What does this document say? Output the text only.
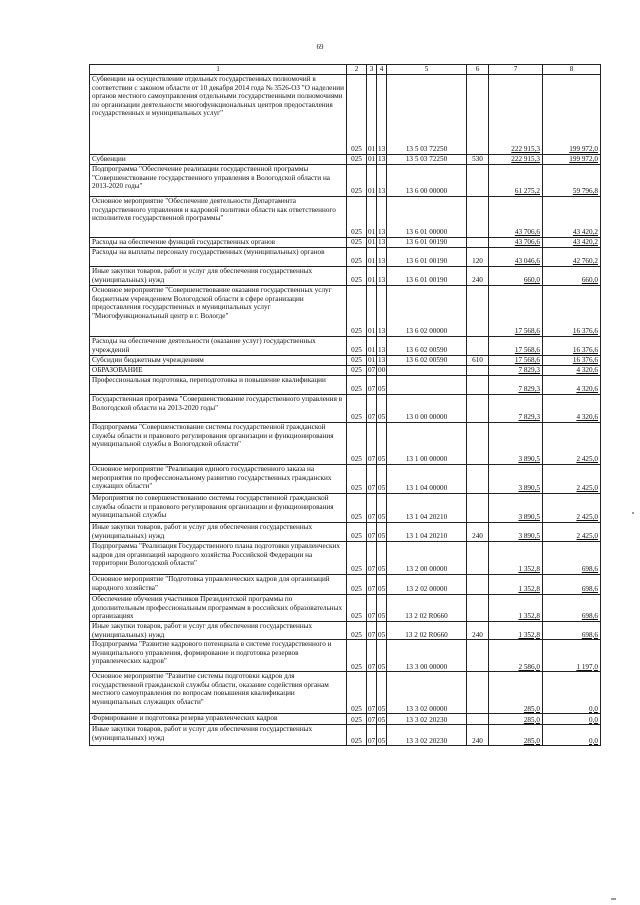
69
1	2	3	4	5	6	7	8
Субвенции на осуществление отдельных государственных полномочий в соответствии с законом области от 10 декабря 2014 года № 3526-ОЗ "О наделении органов местного самоуправления отдельными государственными полномочиями по организации деятельности многофункциональных центров предоставления государственных и муниципальных услуг"	025	01	13	13 5 03 72250		222 915,3	199 972,0
Субвенции	025	01	13	13 5 03 72250	530	222 915,3	199 972,0
Подпрограмма "Обеспечение реализации государственной программы "Совершенствование государственного управления в Вологодской области на 2013-2020 годы"	025	01	13	13 6 00 00000		61 275,2	59 796,8
Основное мероприятие "Обеспечение деятельности Департамента государственного управления и кадровой политики области как ответственного исполнителя государственной программы"	025	01	13	13 6 01 00000		43 706,6	43 420,2
Расходы на обеспечение функций государственных органов	025	01	13	13 6 01 00190		43 706,6	43 420,2
Расходы на выплаты персоналу государственных (муниципальных) органов	025	01	13	13 6 01 00190	120	43 046,6	42 760,2
Иные закупки товаров, работ и услуг для обеспечения государственных (муниципальных) нужд	025	01	13	13 6 01 00190	240	660,0	660,0
Основное мероприятие "Совершенствование оказания государственных услуг бюджетным учреждением Вологодской области в сфере организации предоставления государственных и муниципальных услуг "Многофункциональный центр в г. Вологде"	025	01	13	13 6 02 00000		17 568,6	16 376,6
Расходы на обеспечение деятельности (оказание услуг) государственных учреждений	025	01	13	13 6 02 00590		17 568,6	16 376,6
Субсидии бюджетным учреждениям	025	01	13	13 6 02 00590	610	17 568,6	16 376,6
ОБРАЗОВАНИЕ	025	07	00			7 829,3	4 320,6
Профессиональная подготовка, переподготовка и повышение квалификации	025	07	05			7 829,3	4 320,6
Государственная программа "Совершенствование государственного управления в Вологодской области на 2013-2020 годы"	025	07	05	13 0 00 00000		7 829,3	4 320,6
Подпрограмма "Совершенствование системы государственной гражданской службы области и правового регулирования организации и функционирования муниципальной службы в Вологодской области"	025	07	05	13 1 00 00000		3 890,5	2 425,0
Основное мероприятие "Реализация единого государственного заказа на мероприятия по профессиональному развитию государственных гражданских служащих области"	025	07	05	13 1 04 00000		3 890,5	2 425,0
Мероприятия по совершенствованию системы государственной гражданской службы области и правового регулирования организации и функционирования муниципальной службы	025	07	05	13 1 04 20210		3 890,5	2 425,0
Иные закупки товаров, работ и услуг для обеспечения государственных (муниципальных) нужд	025	07	05	13 1 04 20210	240	3 890,5	2 425,0
Подпрограмма "Реализация Государственного плана подготовки управленческих кадров для организаций народного хозяйства Российской Федерации на территории Вологодской области"	025	07	05	13 2 00 00000		1 352,8	698,6
Основное мероприятие "Подготовка управленческих кадров для организаций народного хозяйства"	025	07	05	13 2 02 00000		1 352,8	698,6
Обеспечение обучения участников Президентской программы по дополнительным профессиональным программам в российских образовательных организациях	025	07	05	13 2 02 R0660		1 352,8	698,6
Иные закупки товаров, работ и услуг для обеспечения государственных (муниципальных) нужд	025	07	05	13 2 02 R0660	240	1 352,8	698,6
Подпрограмма "Развитие кадрового потенциала в системе государственного и муниципального управления, формирование и подготовка резервов управленческих кадров"	025	07	05	13 3 00 00000		2 586,0	1 197,0
Основное мероприятие "Развитие системы подготовки кадров для государственной гражданской службы области, оказание содействия органам местного самоуправления по вопросам повышения квалификации муниципальных служащих области"	025	07	05	13 3 02 00000		285,0	0,0
Формирование и подготовка резерва управленческих кадров	025	07	05	13 3 02 20230		285,0	0,0
Иные закупки товаров, работ и услуг для обеспечения государственных (муниципальных) нужд	025	07	05	13 3 02 20230	240	285,0	0,0
